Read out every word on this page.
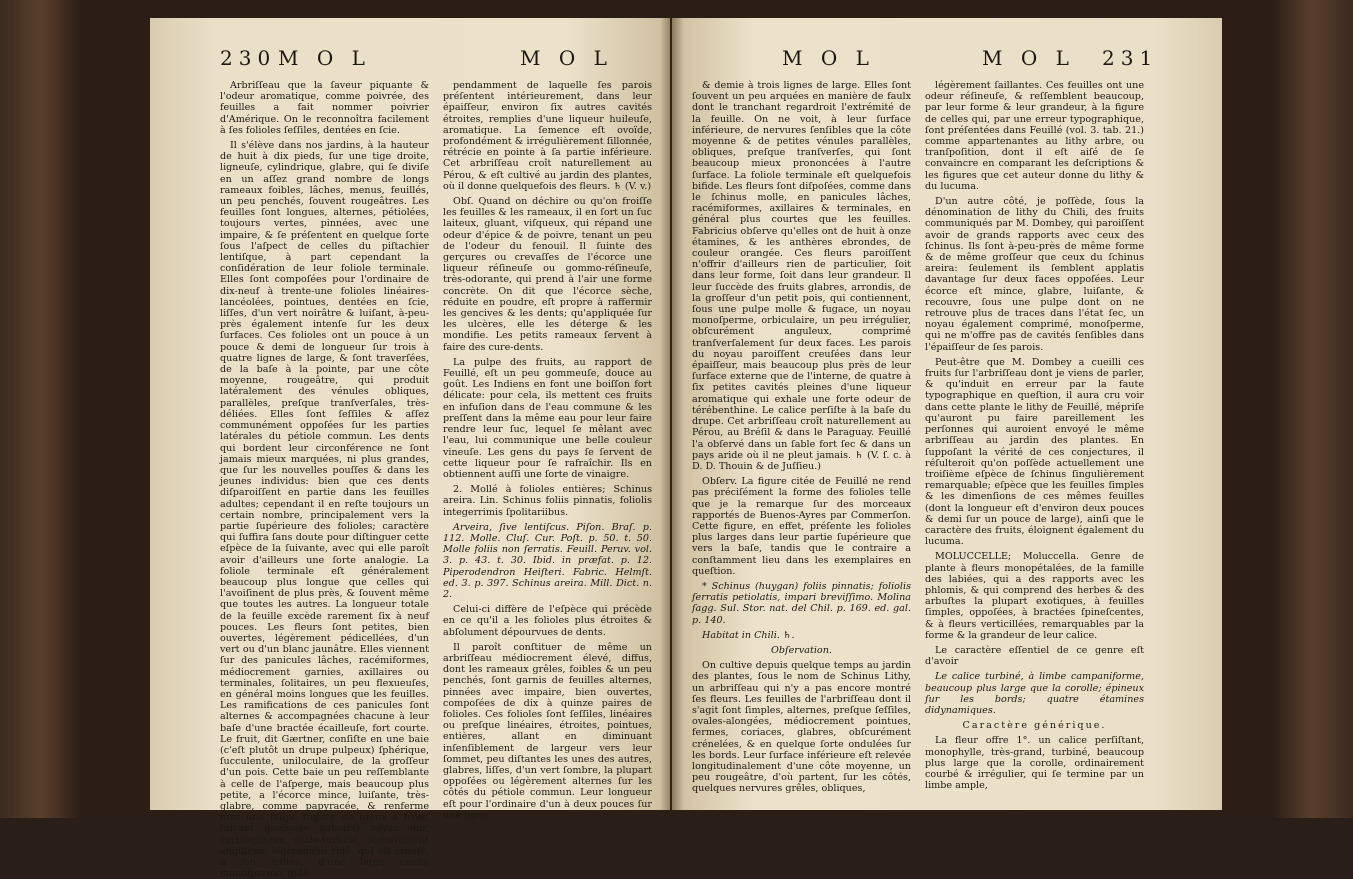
230 M O L	M O L

Arbriſſeau que la ſaveur piquante & l'odeur aromatique, comme poivrée, des feuilles a fait nommer poivrier d'Amérique. On le reconnoîtra facilement à ſes folioles ſeſſiles, dentées en ſcie.

Il s'élève dans nos jardins, à la hauteur de huit à dix pieds, ſur une tige droite, ligneuſe, cylindrique, glabre, qui ſe diviſe en un aſſez grand nombre de longs rameaux foibles, lâches, menus, feuillés, un peu penchés, ſouvent rougeâtres. Les feuilles ſont longues, alternes, pétiolées, toujours vertes, pinnées, avec une impaire, & ſe préſentent en quelque ſorte ſous l'aſpect de celles du piſtachier lentiſque, à part cependant la conſidération de leur foliole terminale. Elles ſont compoſées pour l'ordinaire de dix-neuf à trente-une folioles linéaires-lancéolées, pointues, dentées en ſcie, liſſes, d'un vert noirâtre & luiſant, à-peu-près également intenſe ſur les deux ſurfaces. Ces folioles ont un pouce à un pouce & demi de longueur ſur trois à quatre lignes de large, & ſont traverſées, de la baſe à la pointe, par une côte moyenne, rougeâtre, qui produit latéralement des vénules obliques, parallèles, preſque tranſverſales, très-déliées. Elles ſont ſeſſiles & aſſez communément oppoſées ſur les parties latérales du pétiole commun. Les dents qui bordent leur circonférence ne ſont jamais mieux marquées, ni plus grandes, que ſur les nouvelles pouſſes & dans les jeunes individus: bien que ces dents diſparoiſſent en partie dans les feuilles adultes; cependant il en reſte toujours un certain nombre, principalement vers la partie ſupérieure des folioles; caractère qui ſuffira ſans doute pour diſtinguer cette eſpèce de la ſuivante, avec qui elle paroît avoir d'ailleurs une ſorte analogie. La foliole terminale eſt généralement beaucoup plus longue que celles qui l'avoiſinent de plus près, & ſouvent même que toutes les autres. La longueur totale de la feuille excède rarement ſix à neuf pouces. Les fleurs ſont petites, bien ouvertes, légèrement pédicellées, d'un vert ou d'un blanc jaunâtre. Elles viennent ſur des panicules lâches, racémiformes, médiocrement garnies, axillaires ou terminales, ſolitaires, un peu flexueuſes, en général moins longues que les feuilles. Les ramifications de ces panicules ſont alternes & accompagnées chacune à leur baſe d'une bractée écailleuſe, fort courte. Le fruit, dit Gærtner, conſiſte en une baie (c'eſt plutôt un drupe pulpeux) ſphérique, ſucculente, uniloculaire, de la groſſeur d'un pois. Cette baie un peu reſſemblante à celle de l'aſperge, mais beaucoup plus petite, a l'écorce mince, luiſante, très-glabre, comme papyracée, & renferme ſous une pulpe fugace un (deux à trois, ſuivant quelques auteurs) noyau dur, cartilagineux, ovale-turbiné, obſcurément anguleux, légèrement ridé, qui eſt creuſé, à ſon milieu, d'une large cavité monoſperme, indé-

pendamment de laquelle ſes parois préſentent intérieurement, dans leur épaiſſeur, environ ſix autres cavités étroites, remplies d'une liqueur huileuſe, aromatique. La ſemence eſt ovoïde, profondément & irrégulièrement ſillonnée, rétrécie en pointe à ſa partie inférieure. Cet arbriſſeau croît naturellement au Pérou, & eſt cultivé au jardin des plantes, où il donne quelquefois des fleurs. ♄ (V. v.)

Obſ. Quand on déchire ou qu'on froiſſe les feuilles & les rameaux, il en ſort un ſuc laiteux, gluant, viſqueux, qui répand une odeur d'épice & de poivre, tenant un peu de l'odeur du fenouil. Il ſuinte des gerçures ou crevaſſes de l'écorce une liqueur réſineuſe ou gommo-réſineuſe, très-odorante, qui prend à l'air une forme concrète. On dit que l'écorce sèche, réduite en poudre, eſt propre à raffermir les gencives & les dents; qu'appliquée ſur les ulcères, elle les déterge & les mondifie. Les petits rameaux ſervent à faire des cure-dents.

La pulpe des fruits, au rapport de Feuillé, eſt un peu gommeuſe, douce au goût. Les Indiens en font une boiſſon fort délicate: pour cela, ils mettent ces fruits en infuſion dans de l'eau commune & les preſſent dans la même eau pour leur faire rendre leur ſuc, lequel ſe mêlant avec l'eau, lui communique une belle couleur vineuſe. Les gens du pays ſe ſervent de cette liqueur pour ſe rafraîchir. Ils en obtiennent auſſi une ſorte de vinaigre.

2. Mollé à folioles entières; Schinus areira. Lin. Schinus foliis pinnatis, foliolis integerrimis ſpolitariibus.

Arveira, ſive lentiſcus. Piſon. Braſ. p. 112. Molle. Cluſ. Cur. Poſt. p. 50. t. 50. Molle foliis non ſerratis. Feuill. Peruv. vol. 3. p. 43. t. 30. Ibid. in præfat. p. 12. Piperodendron Heiſteri. Fabric. Helmſt. ed. 3. p. 397. Schinus areira. Mill. Dict. n. 2.

Celui-ci diffère de l'eſpèce qui précède en ce qu'il a les folioles plus étroites & abſolument dépourvues de dents.

Il paroît conſtituer de même un arbriſſeau médiocrement élevé, diffus, dont les rameaux grêles, foibles & un peu penchés, ſont garnis de feuilles alternes, pinnées avec impaire, bien ouvertes, compoſées de dix à quinze paires de folioles. Ces folioles ſont ſeſſiles, linéaires ou preſque linéaires, étroites, pointues, entières, allant en diminuant inſenſiblement de largeur vers leur ſommet, peu diſtantes les unes des autres, glabres, liſſes, d'un vert ſombre, la plupart oppoſées ou légèrement alternes ſur les côtés du pétiole commun. Leur longueur eſt pour l'ordinaire d'un à deux pouces ſur une ligne

M O L	M O L 231

& demie à trois lignes de large. Elles ſont ſouvent un peu arquées en manière de faulx dont le tranchant regardroit l'extrémité de la feuille. On ne voit, à leur ſurface inférieure, de nervures ſenſibles que la côte moyenne & de petites vénules parallèles, obliques, preſque tranſverſes, qui ſont beaucoup mieux prononcées à l'autre ſurface. La foliole terminale eſt quelquefois bifide. Les fleurs ſont diſpoſées, comme dans le ſchinus molle, en panicules lâches, racémiformes, axillaires & terminales, en général plus courtes que les feuilles. Fabricius obſerve qu'elles ont de huit à onze étamines, & les anthères ebrondes, de couleur orangée. Ces fleurs paroiſſent n'offrir d'ailleurs rien de particulier, ſoit dans leur forme, ſoit dans leur grandeur. Il leur ſuccède des fruits glabres, arrondis, de la groſſeur d'un petit pois, qui contiennent, ſous une pulpe molle & fugace, un noyau monoſperme, orbiculaire, un peu irrégulier, obſcurément anguleux, comprimé tranſverſalement ſur deux faces. Les parois du noyau paroiſſent creuſées dans leur épaiſſeur, mais beaucoup plus près de leur ſurface externe que de l'interne, de quatre à ſix petites cavités pleines d'une liqueur aromatique qui exhale une forte odeur de térébenthine. Le calice perſiſte à la baſe du drupe. Cet arbriſſeau croît naturellement au Pérou, au Bréſil & dans le Paraguay. Feuillé l'a obſervé dans un ſable fort ſec & dans un pays aride où il ne pleut jamais. ♄ (V. ſ. c. à D. D. Thouin & de Juſſieu.)

Obſerv. La figure citée de Feuillé ne rend pas préciſément la forme des folioles telle que je la remarque ſur des morceaux rapportés de Buenos-Ayres par Commerſon. Cette figure, en effet, préſente les folioles plus larges dans leur partie ſupérieure que vers la baſe, tandis que le contraire a conſtamment lieu dans les exemplaires en queſtion.

* Schinus (huygan) foliis pinnatis; foliolis ſerratis petiolatis, impari breviſſimo. Molina ſagg. Sul. Stor. nat. del Chil. p. 169. ed. gal. p. 140.

Habitat in Chili. ♄.

Obſervation.

On cultive depuis quelque temps au jardin des plantes, ſous le nom de Schinus Lithy, un arbriſſeau qui n'y a pas encore montré ſes fleurs. Les feuilles de l'arbriſſeau dont il s'agit ſont ſimples, alternes, preſque ſeſſiles, ovales-alongées, médiocrement pointues, fermes, coriaces, glabres, obſcurément crénelées, & en quelque ſorte ondulées ſur les bords. Leur ſurface inférieure eſt relevée longitudinalement d'une côte moyenne, un peu rougeâtre, d'où partent, ſur les côtés, quelques nervures grêles, obliques,

légèrement ſaillantes. Ces feuilles ont une odeur réſineuſe, & reſſemblent beaucoup, par leur forme & leur grandeur, à la figure de celles qui, par une erreur typographique, ſont préſentées dans Feuillé (vol. 3. tab. 21.) comme appartenantes au lithy arbre, ou tranſpoſition, dont il eſt aiſé de ſe convaincre en comparant les deſcriptions & les figures que cet auteur donne du lithy & du lucuma.

D'un autre côté, je poſſède, ſous la dénomination de lithy du Chili, des fruits communiqués par M. Dombey, qui paroiſſent avoir de grands rapports avec ceux des ſchinus. Ils ſont à-peu-près de même forme & de même groſſeur que ceux du ſchinus areira: ſeulement ils ſemblent applatis davantage ſur deux faces oppoſées. Leur écorce eſt mince, glabre, luiſante, & recouvre, ſous une pulpe dont on ne retrouve plus de traces dans l'état ſec, un noyau également comprimé, monoſperme, qui ne m'offre pas de cavités ſenſibles dans l'épaiſſeur de ſes parois.

Peut-être que M. Dombey a cueilli ces fruits ſur l'arbriſſeau dont je viens de parler, & qu'induit en erreur par la faute typographique en queſtion, il aura cru voir dans cette plante le lithy de Feuillé, mépriſe qu'auront pu faire pareillement les perſonnes qui auroient envoyé le même arbriſſeau au jardin des plantes. En ſuppoſant la vérité de ces conjectures, il réſulteroit qu'on poſſède actuellement une troiſième eſpèce de ſchinus ſingulièrement remarquable; eſpèce que les feuilles ſimples & les dimenſions de ces mêmes feuilles (dont la longueur eſt d'environ deux pouces & demi ſur un pouce de large), ainſi que le caractère des fruits, éloignent également du lucuma.

MOLUCCELLE; Moluccella. Genre de plante à fleurs monopétalées, de la famille des labiées, qui a des rapports avec les phlomis, & qui comprend des herbes & des arbuſtes la plupart exotiques, à feuilles ſimples, oppoſées, à bractées ſpineſcentes, & à fleurs verticillées, remarquables par la forme & la grandeur de leur calice.

Le caractère eſſentiel de ce genre eſt d'avoir

Le calice turbiné, à limbe campaniforme, beaucoup plus large que la corolle; épineux ſur les bords; quatre étamines didynamiques.

Caractère générique.

La fleur offre 1°. un calice perſiſtant, monophylle, très-grand, turbiné, beaucoup plus large que la corolle, ordinairement courbé & irrégulier, qui ſe termine par un limbe ample,
